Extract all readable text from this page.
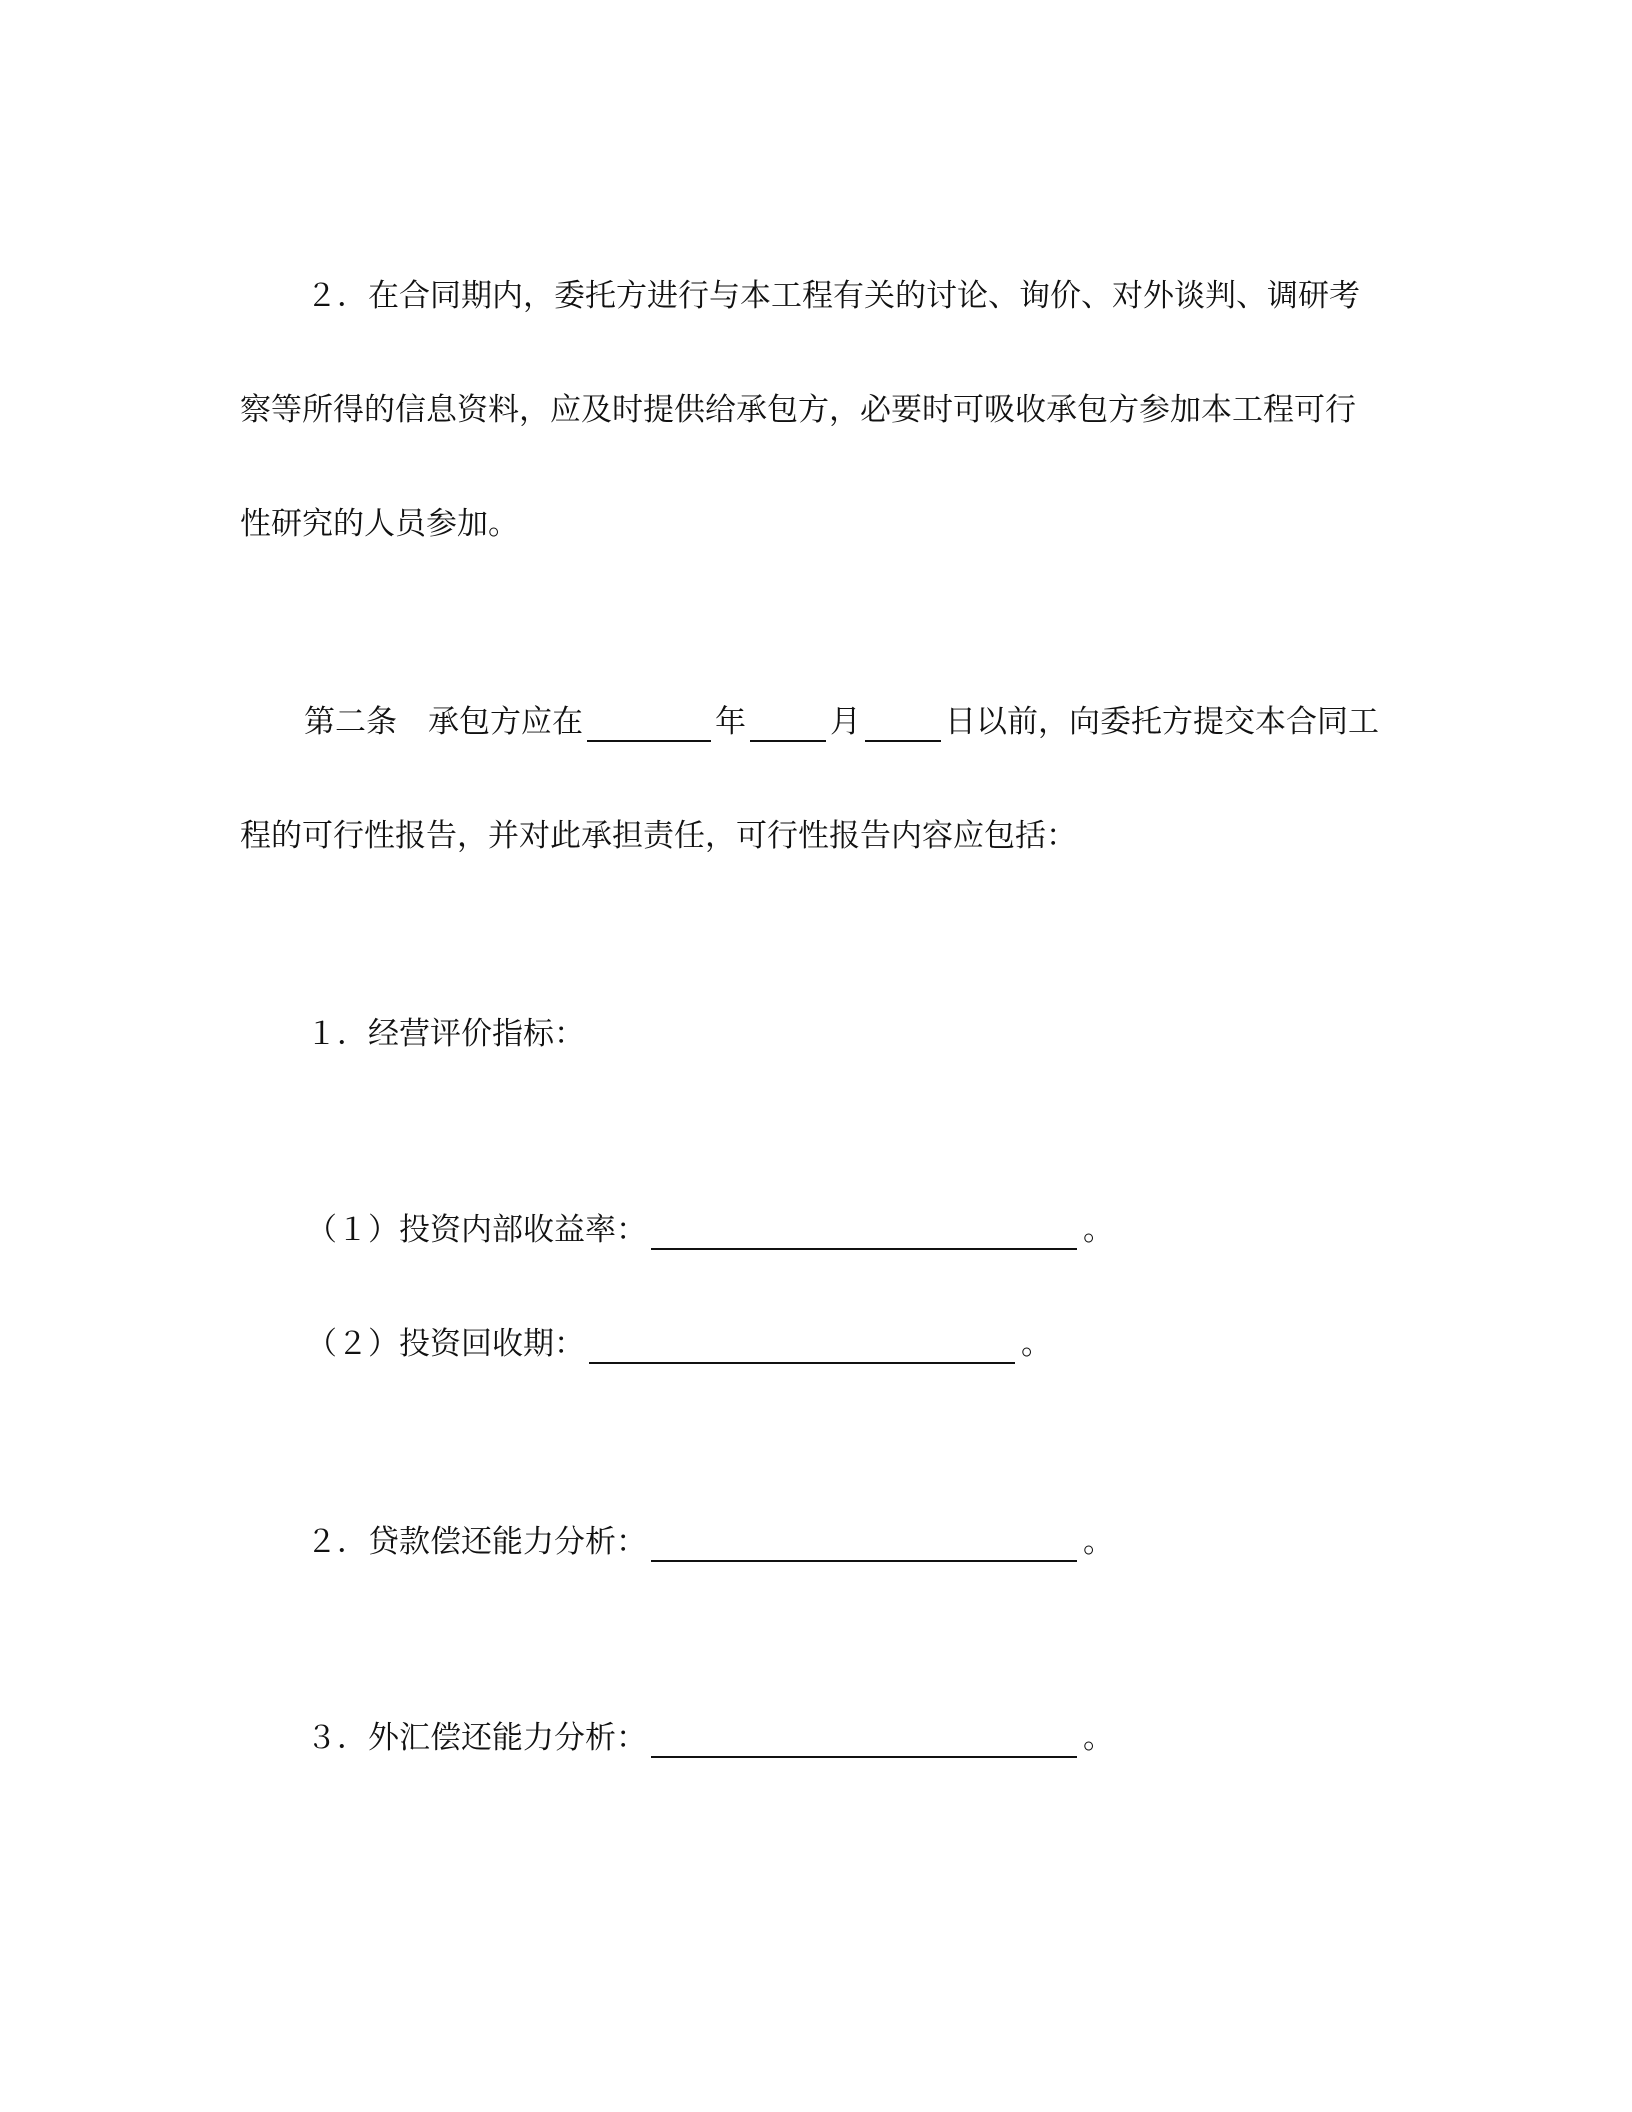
２．在合同期内，委托方进行与本工程有关的讨论、询价、对外谈判、调研考
察等所得的信息资料，应及时提供给承包方，必要时可吸收承包方参加本工程可行
性研究的人员参加。
第二条　承包方应在	年	月	日以前，向委托方提交本合同工
程的可行性报告，并对此承担责任，可行性报告内容应包括：
１．经营评价指标：
（１）投资内部收益率：	。
（２）投资回收期：	。
２．贷款偿还能力分析：	。
３．外汇偿还能力分析：	。
